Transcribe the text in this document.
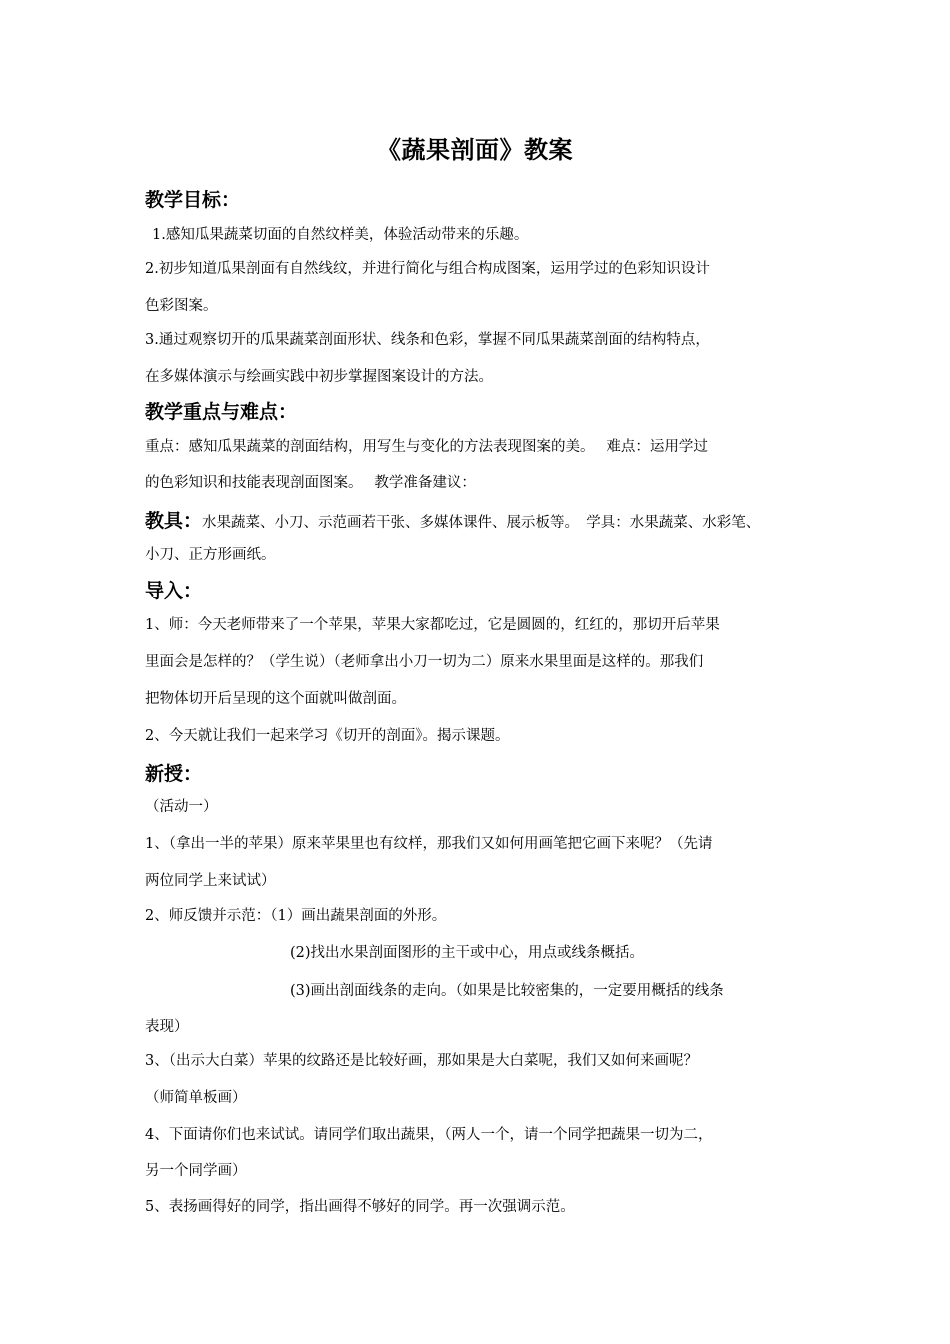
《蔬果剖面》教案
教学目标：
1.感知瓜果蔬菜切面的自然纹样美，体验活动带来的乐趣。
2.初步知道瓜果剖面有自然线纹，并进行简化与组合构成图案，运用学过的色彩知识设计
色彩图案。
3.通过观察切开的瓜果蔬菜剖面形状、线条和色彩，掌握不同瓜果蔬菜剖面的结构特点，
在多媒体演示与绘画实践中初步掌握图案设计的方法。
教学重点与难点：
重点：感知瓜果蔬菜的剖面结构，用写生与变化的方法表现图案的美。　 难点：运用学过
的色彩知识和技能表现剖面图案。　 教学准备建议：
教具：水果蔬菜、小刀、示范画若干张、多媒体课件、展示板等。　学具：水果蔬菜、水彩笔、
小刀、正方形画纸。
导入：
1、师：今天老师带来了一个苹果，苹果大家都吃过，它是圆圆的，红红的，那切开后苹果
里面会是怎样的？（学生说）（老师拿出小刀一切为二）原来水果里面是这样的。那我们
把物体切开后呈现的这个面就叫做剖面。
2、今天就让我们一起来学习《切开的剖面》。揭示课题。
新授：
（活动一）
1、（拿出一半的苹果）原来苹果里也有纹样，那我们又如何用画笔把它画下来呢？（先请
两位同学上来试试）
2、师反馈并示范：（1）画出蔬果剖面的外形。
(2)找出水果剖面图形的主干或中心，用点或线条概括。
(3)画出剖面线条的走向。（如果是比较密集的，一定要用概括的线条
表现）
3、（出示大白菜）苹果的纹路还是比较好画，那如果是大白菜呢，我们又如何来画呢？
（师简单板画）
4、下面请你们也来试试。请同学们取出蔬果，（两人一个，请一个同学把蔬果一切为二，
另一个同学画）
5、表扬画得好的同学，指出画得不够好的同学。再一次强调示范。
